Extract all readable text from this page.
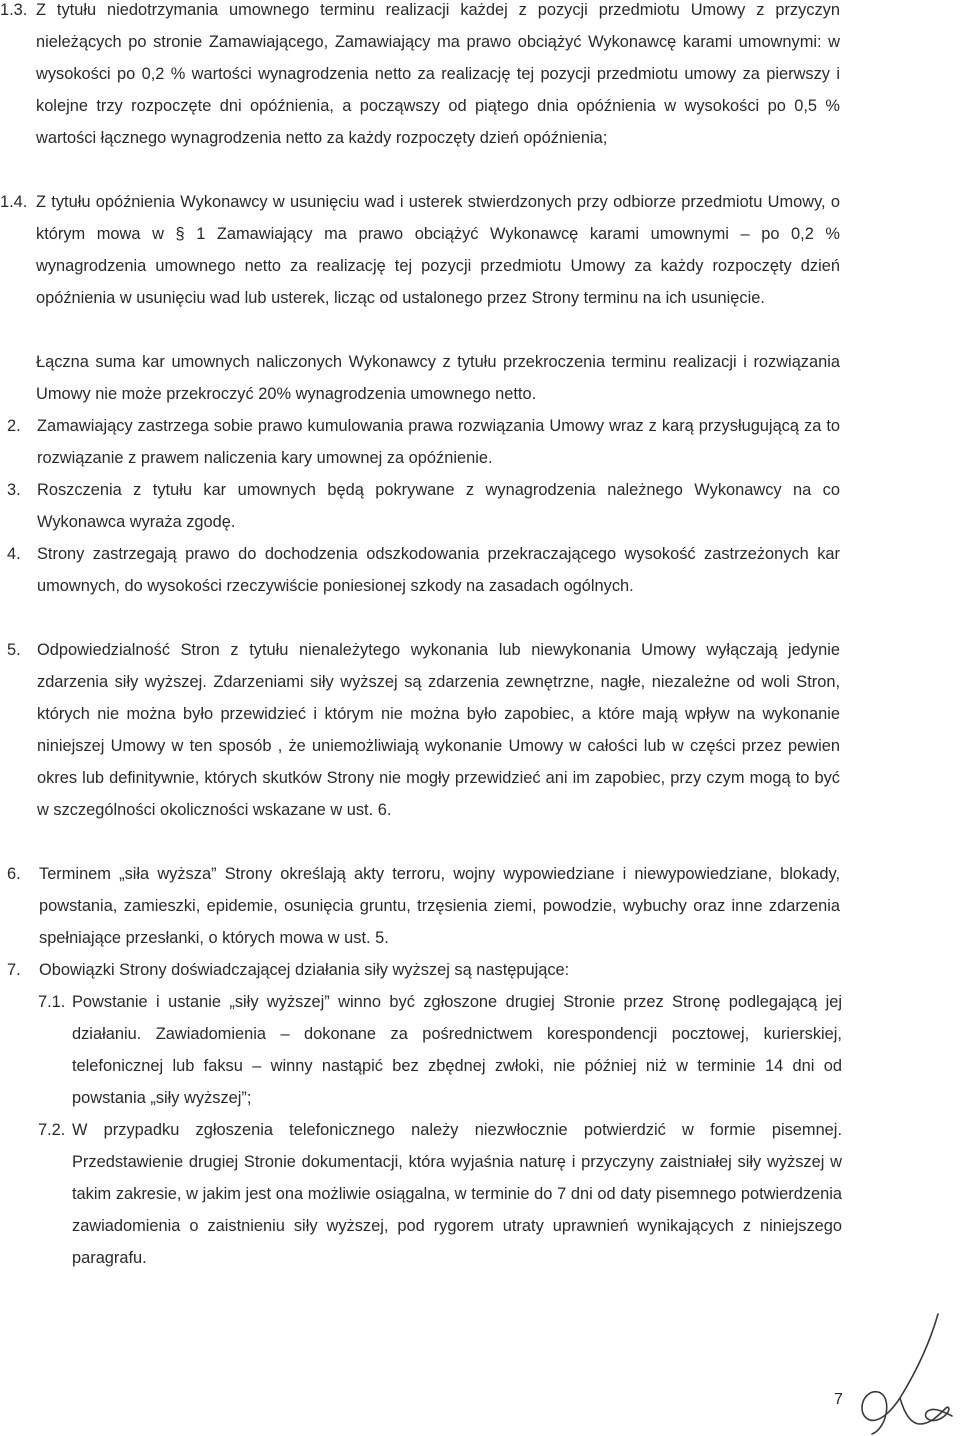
1.3. Z tytułu niedotrzymania umownego terminu realizacji każdej z pozycji przedmiotu Umowy z przyczyn nieleżących po stronie Zamawiającego, Zamawiający ma prawo obciążyć Wykonawcę karami umownymi: w wysokości po 0,2 % wartości wynagrodzenia netto za realizację tej pozycji przedmiotu umowy za pierwszy i kolejne trzy rozpoczęte dni opóźnienia, a począwszy od piątego dnia opóźnienia w wysokości po 0,5 % wartości łącznego wynagrodzenia netto za każdy rozpoczęty dzień opóźnienia;
1.4. Z tytułu opóźnienia Wykonawcy w usunięciu wad i usterek stwierdzonych przy odbiorze przedmiotu Umowy, o którym mowa w § 1 Zamawiający ma prawo obciążyć Wykonawcę karami umownymi – po 0,2 % wynagrodzenia umownego netto za realizację tej pozycji przedmiotu Umowy za każdy rozpoczęty dzień opóźnienia w usunięciu wad lub usterek, licząc od ustalonego przez Strony terminu na ich usunięcie.
Łączna suma kar umownych naliczonych Wykonawcy z tytułu przekroczenia terminu realizacji i rozwiązania Umowy nie może przekroczyć 20% wynagrodzenia umownego netto.
2. Zamawiający zastrzega sobie prawo kumulowania prawa rozwiązania Umowy wraz z karą przysługującą za to rozwiązanie z prawem naliczenia kary umownej za opóźnienie.
3. Roszczenia z tytułu kar umownych będą pokrywane z wynagrodzenia należnego Wykonawcy na co Wykonawca wyraża zgodę.
4. Strony zastrzegają prawo do dochodzenia odszkodowania przekraczającego wysokość zastrzeżonych kar umownych, do wysokości rzeczywiście poniesionej szkody na zasadach ogólnych.
5. Odpowiedzialność Stron z tytułu nienależytego wykonania lub niewykonania Umowy wyłączają jedynie zdarzenia siły wyższej. Zdarzeniami siły wyższej są zdarzenia zewnętrzne, nagłe, niezależne od woli Stron, których nie można było przewidzieć i którym nie można było zapobiec, a które mają wpływ na wykonanie niniejszej Umowy w ten sposób , że uniemożliwiają wykonanie Umowy w całości lub w części przez pewien okres lub definitywnie, których skutków Strony nie mogły przewidzieć ani im zapobiec, przy czym mogą to być w szczególności okoliczności wskazane w ust. 6.
6. Terminem „siła wyższa” Strony określają akty terroru, wojny wypowiedziane i niewypowiedziane, blokady, powstania, zamieszki, epidemie, osunięcia gruntu, trzęsienia ziemi, powodzie, wybuchy oraz inne zdarzenia spełniające przesłanki, o których mowa w ust. 5.
7. Obowiązki Strony doświadczającej działania siły wyższej są następujące:
7.1. Powstanie i ustanie „siły wyższej” winno być zgłoszone drugiej Stronie przez Stronę podlegającą jej działaniu. Zawiadomienia – dokonane za pośrednictwem korespondencji pocztowej, kurierskiej, telefonicznej lub faksu – winny nastąpić bez zbędnej zwłoki, nie później niż w terminie 14 dni od powstania „siły wyższej”;
7.2. W przypadku zgłoszenia telefonicznego należy niezwłocznie potwierdzić w formie pisemnej. Przedstawienie drugiej Stronie dokumentacji, która wyjaśnia naturę i przyczyny zaistniałej siły wyższej w takim zakresie, w jakim jest ona możliwie osiągalna, w terminie do 7 dni od daty pisemnego potwierdzenia zawiadomienia o zaistnieniu siły wyższej, pod rygorem utraty uprawnień wynikających z niniejszego paragrafu.
7
